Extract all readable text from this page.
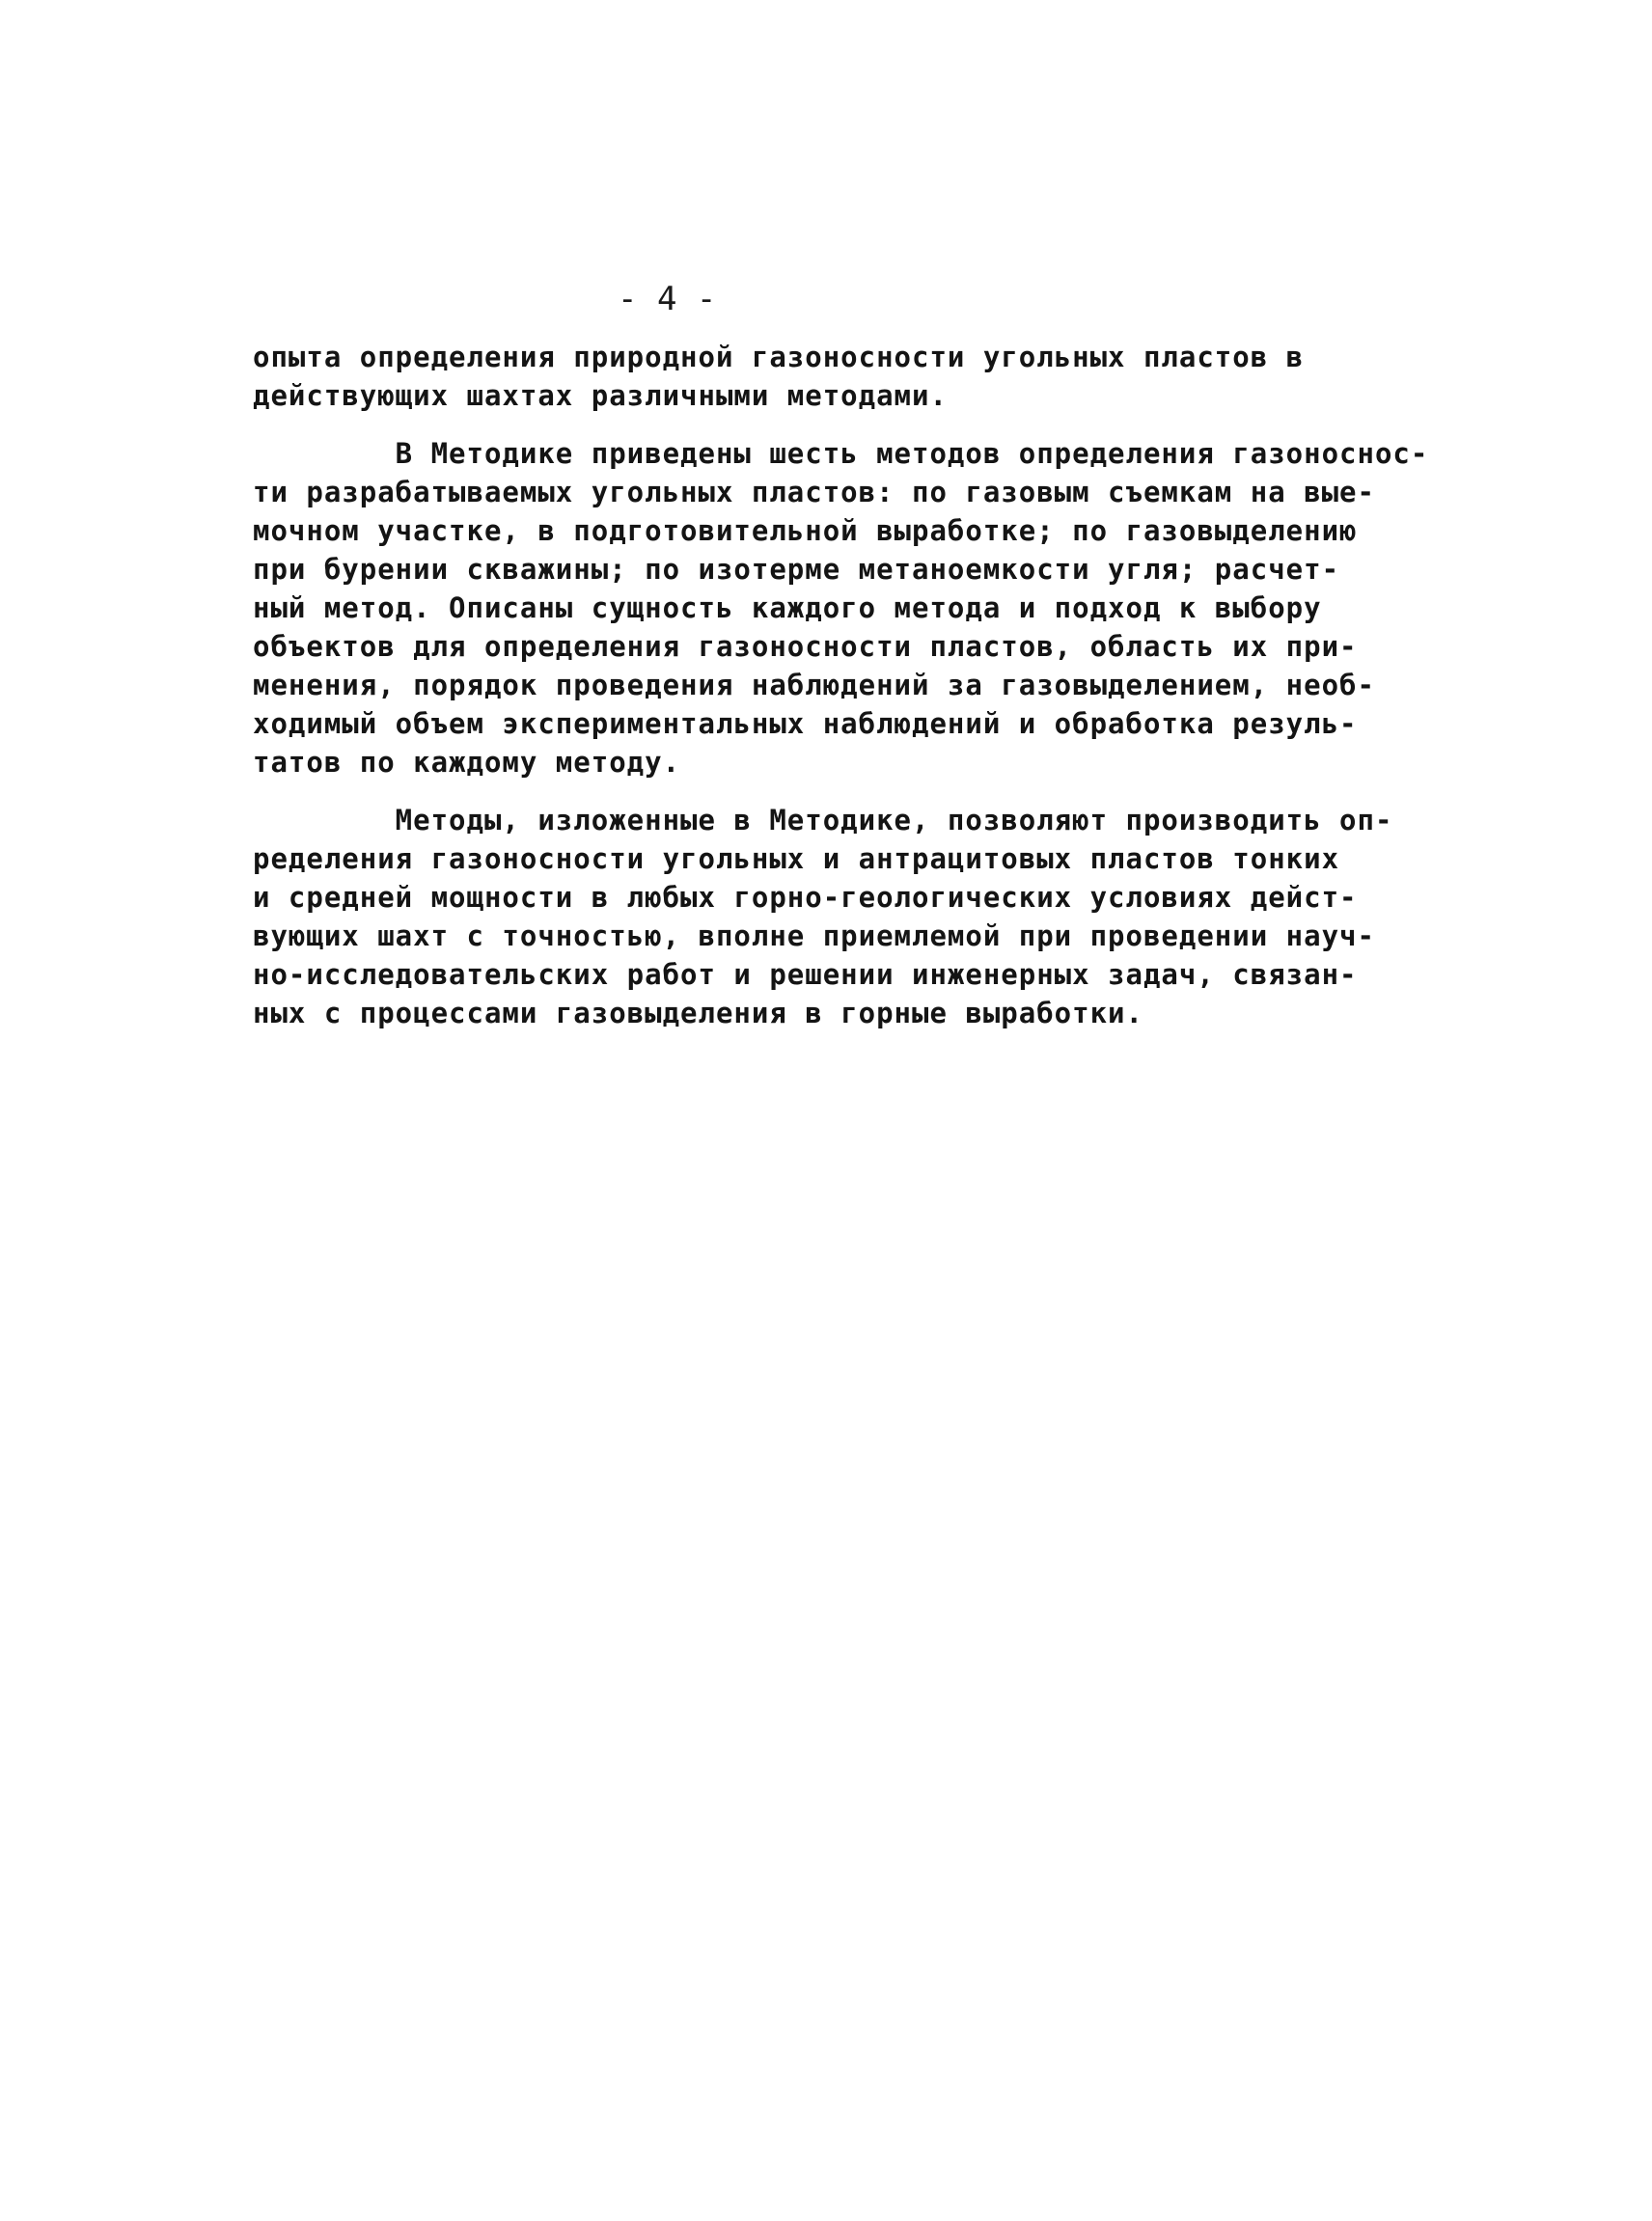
- 4 -
опыта определения природной газоносности угольных пластов в
действующих шахтах различными методами.
В Методике приведены шесть методов определения газоноснос-
ти разрабатываемых угольных пластов: по газовым съемкам на вые-
мочном участке, в подготовительной выработке; по газовыделению
при бурении скважины; по изотерме метаноемкости угля; расчет-
ный метод. Описаны сущность каждого метода и подход к выбору
объектов для определения газоносности пластов, область их при-
менения, порядок проведения наблюдений за газовыделением, необ-
ходимый объем экспериментальных наблюдений и обработка резуль-
татов по каждому методу.
Методы, изложенные в Методике, позволяют производить оп-
ределения газоносности угольных и антрацитовых пластов тонких
и средней мощности в любых горно-геологических условиях дейст-
вующих шахт с точностью, вполне приемлемой при проведении науч-
но-исследовательских работ и решении инженерных задач, связан-
ных с процессами газовыделения в горные выработки.
